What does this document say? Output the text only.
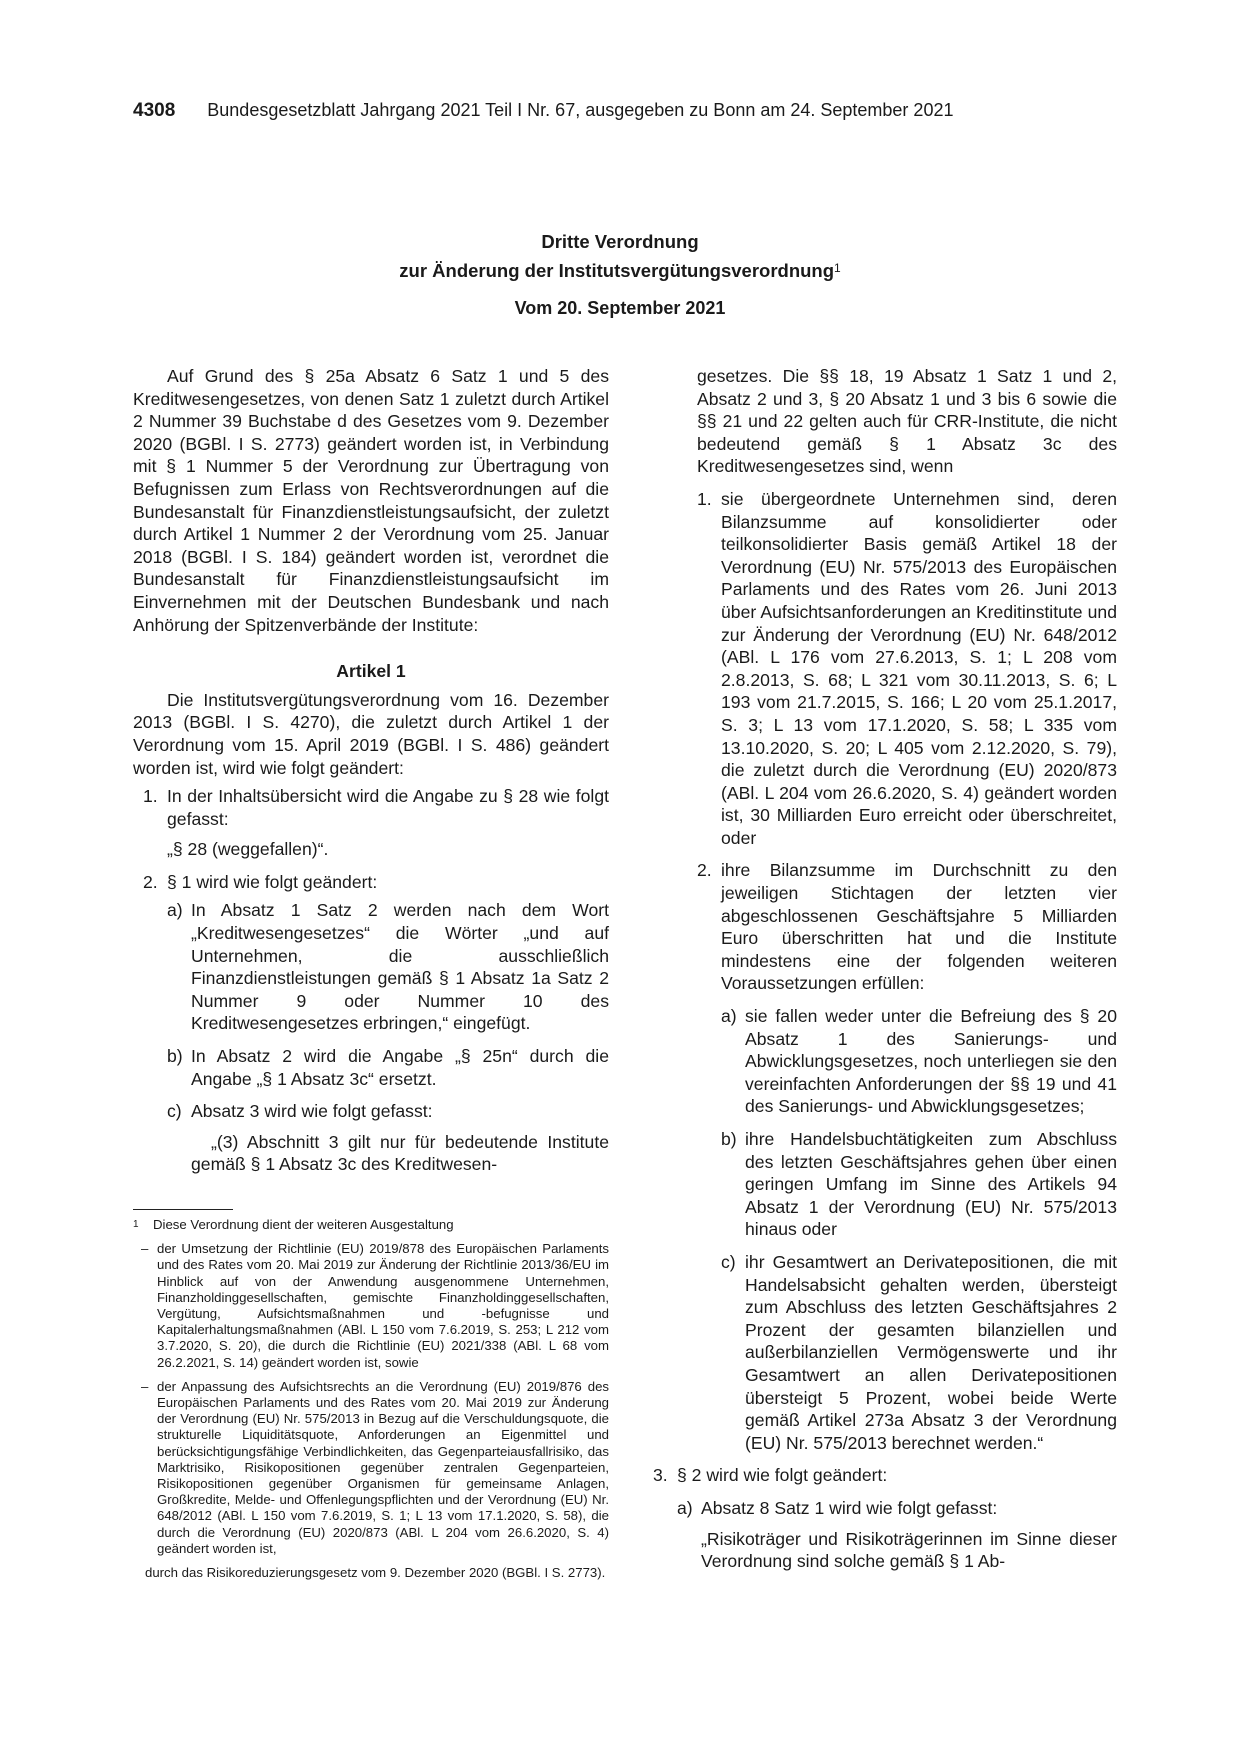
4308 Bundesgesetzblatt Jahrgang 2021 Teil I Nr. 67, ausgegeben zu Bonn am 24. September 2021
Dritte Verordnung
zur Änderung der Institutsvergütungsverordnung$^1$
Vom 20. September 2021

Auf Grund des § 25a Absatz 6 Satz 1 und 5 des Kreditwesengesetzes, von denen Satz 1 zuletzt durch Artikel 2 Nummer 39 Buchstabe d des Gesetzes vom 9. Dezember 2020 (BGBl. I S. 2773) geändert worden ist, in Verbindung mit § 1 Nummer 5 der Verordnung zur Übertragung von Befugnissen zum Erlass von Rechtsverordnungen auf die Bundesanstalt für Finanzdienstleistungsaufsicht, der zuletzt durch Artikel 1 Nummer 2 der Verordnung vom 25. Januar 2018 (BGBl. I S. 184) geändert worden ist, verordnet die Bundesanstalt für Finanzdienstleistungsaufsicht im Einvernehmen mit der Deutschen Bundesbank und nach Anhörung der Spitzenverbände der Institute:

Artikel 1

Die Institutsvergütungsverordnung vom 16. Dezember 2013 (BGBl. I S. 4270), die zuletzt durch Artikel 1 der Verordnung vom 15. April 2019 (BGBl. I S. 486) geändert worden ist, wird wie folgt geändert:

1. In der Inhaltsübersicht wird die Angabe zu § 28 wie folgt gefasst:

„§ 28 (weggefallen)“.

2. § 1 wird wie folgt geändert:
a) In Absatz 1 Satz 2 werden nach dem Wort „Kreditwesengesetzes“ die Wörter „und auf Unternehmen, die ausschließlich Finanzdienstleistungen gemäß § 1 Absatz 1a Satz 2 Nummer 9 oder Nummer 10 des Kreditwesengesetzes erbringen,“ eingefügt.
b) In Absatz 2 wird die Angabe „§ 25n“ durch die Angabe „§ 1 Absatz 3c“ ersetzt.
c) Absatz 3 wird wie folgt gefasst:

„(3) Abschnitt 3 gilt nur für bedeutende Institute gemäß § 1 Absatz 3c des Kreditwesen-

1	Diese Verordnung dient der weiteren Ausgestaltung
– der Umsetzung der Richtlinie (EU) 2019/878 des Europäischen Parlaments und des Rates vom 20. Mai 2019 zur Änderung der Richtlinie 2013/36/EU im Hinblick auf von der Anwendung ausgenommene Unternehmen, Finanzholdinggesellschaften, gemischte Finanzholdinggesellschaften, Vergütung, Aufsichtsmaßnahmen und -befugnisse und Kapitalerhaltungsmaßnahmen (ABl. L 150 vom 7.6.2019, S. 253; L 212 vom 3.7.2020, S. 20), die durch die Richtlinie (EU) 2021/338 (ABl. L 68 vom 26.2.2021, S. 14) geändert worden ist, sowie
– der Anpassung des Aufsichtsrechts an die Verordnung (EU) 2019/876 des Europäischen Parlaments und des Rates vom 20. Mai 2019 zur Änderung der Verordnung (EU) Nr. 575/2013 in Bezug auf die Verschuldungsquote, die strukturelle Liquiditätsquote, Anforderungen an Eigenmittel und berücksichtigungsfähige Verbindlichkeiten, das Gegenparteiausfallrisiko, das Marktrisiko, Risikopositionen gegenüber zentralen Gegenparteien, Risikopositionen gegenüber Organismen für gemeinsame Anlagen, Großkredite, Melde- und Offenlegungspflichten und der Verordnung (EU) Nr. 648/2012 (ABl. L 150 vom 7.6.2019, S. 1; L 13 vom 17.1.2020, S. 58), die durch die Verordnung (EU) 2020/873 (ABl. L 204 vom 26.6.2020, S. 4) geändert worden ist,

durch das Risikoreduzierungsgesetz vom 9. Dezember 2020 (BGBl. I S. 2773).

gesetzes. Die §§ 18, 19 Absatz 1 Satz 1 und 2, Absatz 2 und 3, § 20 Absatz 1 und 3 bis 6 sowie die §§ 21 und 22 gelten auch für CRR-Institute, die nicht bedeutend gemäß § 1 Absatz 3c des Kreditwesengesetzes sind, wenn

1. sie übergeordnete Unternehmen sind, deren Bilanzsumme auf konsolidierter oder teilkonsolidierter Basis gemäß Artikel 18 der Verordnung (EU) Nr. 575/2013 des Europäischen Parlaments und des Rates vom 26. Juni 2013 über Aufsichtsanforderungen an Kreditinstitute und zur Änderung der Verordnung (EU) Nr. 648/2012 (ABl. L 176 vom 27.6.2013, S. 1; L 208 vom 2.8.2013, S. 68; L 321 vom 30.11.2013, S. 6; L 193 vom 21.7.2015, S. 166; L 20 vom 25.1.2017, S. 3; L 13 vom 17.1.2020, S. 58; L 335 vom 13.10.2020, S. 20; L 405 vom 2.12.2020, S. 79), die zuletzt durch die Verordnung (EU) 2020/873 (ABl. L 204 vom 26.6.2020, S. 4) geändert worden ist, 30 Milliarden Euro erreicht oder überschreitet, oder
2. ihre Bilanzsumme im Durchschnitt zu den jeweiligen Stichtagen der letzten vier abgeschlossenen Geschäftsjahre 5 Milliarden Euro überschritten hat und die Institute mindestens eine der folgenden weiteren Voraussetzungen erfüllen:
a) sie fallen weder unter die Befreiung des § 20 Absatz 1 des Sanierungs- und Abwicklungsgesetzes, noch unterliegen sie den vereinfachten Anforderungen der §§ 19 und 41 des Sanierungs- und Abwicklungsgesetzes;
b) ihre Handelsbuchtätigkeiten zum Abschluss des letzten Geschäftsjahres gehen über einen geringen Umfang im Sinne des Artikels 94 Absatz 1 der Verordnung (EU) Nr. 575/2013 hinaus oder
c) ihr Gesamtwert an Derivatepositionen, die mit Handelsabsicht gehalten werden, übersteigt zum Abschluss des letzten Geschäftsjahres 2 Prozent der gesamten bilanziellen und außerbilanziellen Vermögenswerte und ihr Gesamtwert an allen Derivatepositionen übersteigt 5 Prozent, wobei beide Werte gemäß Artikel 273a Absatz 3 der Verordnung (EU) Nr. 575/2013 berechnet werden.“
3. § 2 wird wie folgt geändert:
a) Absatz 8 Satz 1 wird wie folgt gefasst:

„Risikoträger und Risikoträgerinnen im Sinne dieser Verordnung sind solche gemäß § 1 Ab-
